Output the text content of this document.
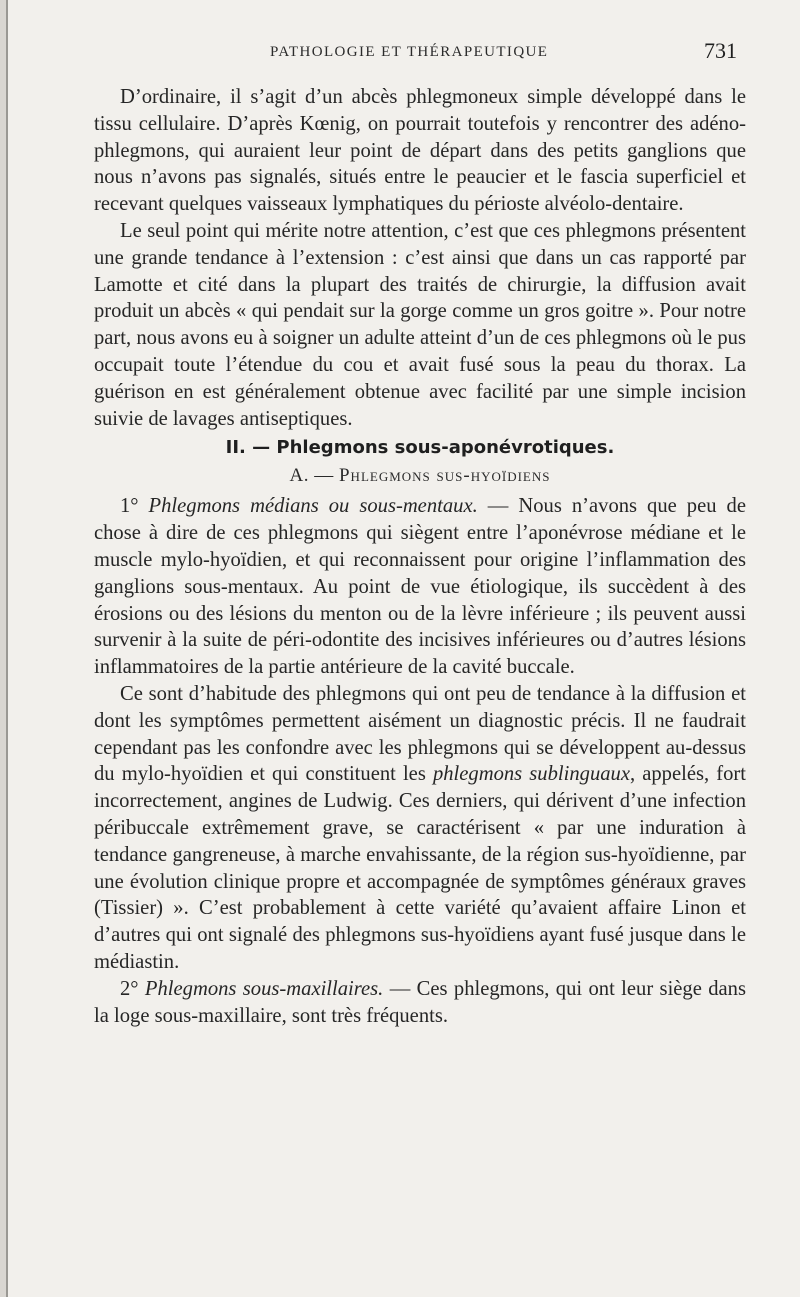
PATHOLOGIE ET THÉRAPEUTIQUE	731

D’ordinaire, il s’agit d’un abcès phlegmoneux simple développé dans le tissu cellulaire. D’après Kœnig, on pourrait toutefois y rencontrer des adéno-phlegmons, qui auraient leur point de départ dans des petits ganglions que nous n’avons pas signalés, situés entre le peaucier et le fascia superficiel et recevant quelques vaisseaux lymphatiques du périoste alvéolo-dentaire.

Le seul point qui mérite notre attention, c’est que ces phlegmons présentent une grande tendance à l’extension : c’est ainsi que dans un cas rapporté par Lamotte et cité dans la plupart des traités de chirurgie, la diffusion avait produit un abcès « qui pendait sur la gorge comme un gros goitre ». Pour notre part, nous avons eu à soigner un adulte atteint d’un de ces phlegmons où le pus occupait toute l’étendue du cou et avait fusé sous la peau du thorax. La guérison en est généralement obtenue avec facilité par une simple incision suivie de lavages antiseptiques.

II. — Phlegmons sous-aponévrotiques.
A. — Phlegmons sus-hyoïdiens

1° Phlegmons médians ou sous-mentaux. — Nous n’avons que peu de chose à dire de ces phlegmons qui siègent entre l’aponévrose médiane et le muscle mylo-hyoïdien, et qui reconnaissent pour origine l’inflammation des ganglions sous-mentaux. Au point de vue étiologique, ils succèdent à des érosions ou des lésions du menton ou de la lèvre inférieure ; ils peuvent aussi survenir à la suite de péri-odontite des incisives inférieures ou d’autres lésions inflammatoires de la partie antérieure de la cavité buccale.

Ce sont d’habitude des phlegmons qui ont peu de tendance à la diffusion et dont les symptômes permettent aisément un diagnostic précis. Il ne faudrait cependant pas les confondre avec les phlegmons qui se développent au-dessus du mylo-hyoïdien et qui constituent les phlegmons sublinguaux, appelés, fort incorrectement, angines de Ludwig. Ces derniers, qui dérivent d’une infection péribuccale extrêmement grave, se caractérisent « par une induration à tendance gangreneuse, à marche envahissante, de la région sus-hyoïdienne, par une évolution clinique propre et accompagnée de symptômes généraux graves (Tissier) ». C’est probablement à cette variété qu’avaient affaire Linon et d’autres qui ont signalé des phlegmons sus-hyoïdiens ayant fusé jusque dans le médiastin.

2° Phlegmons sous-maxillaires. — Ces phlegmons, qui ont leur siège dans la loge sous-maxillaire, sont très fréquents.
